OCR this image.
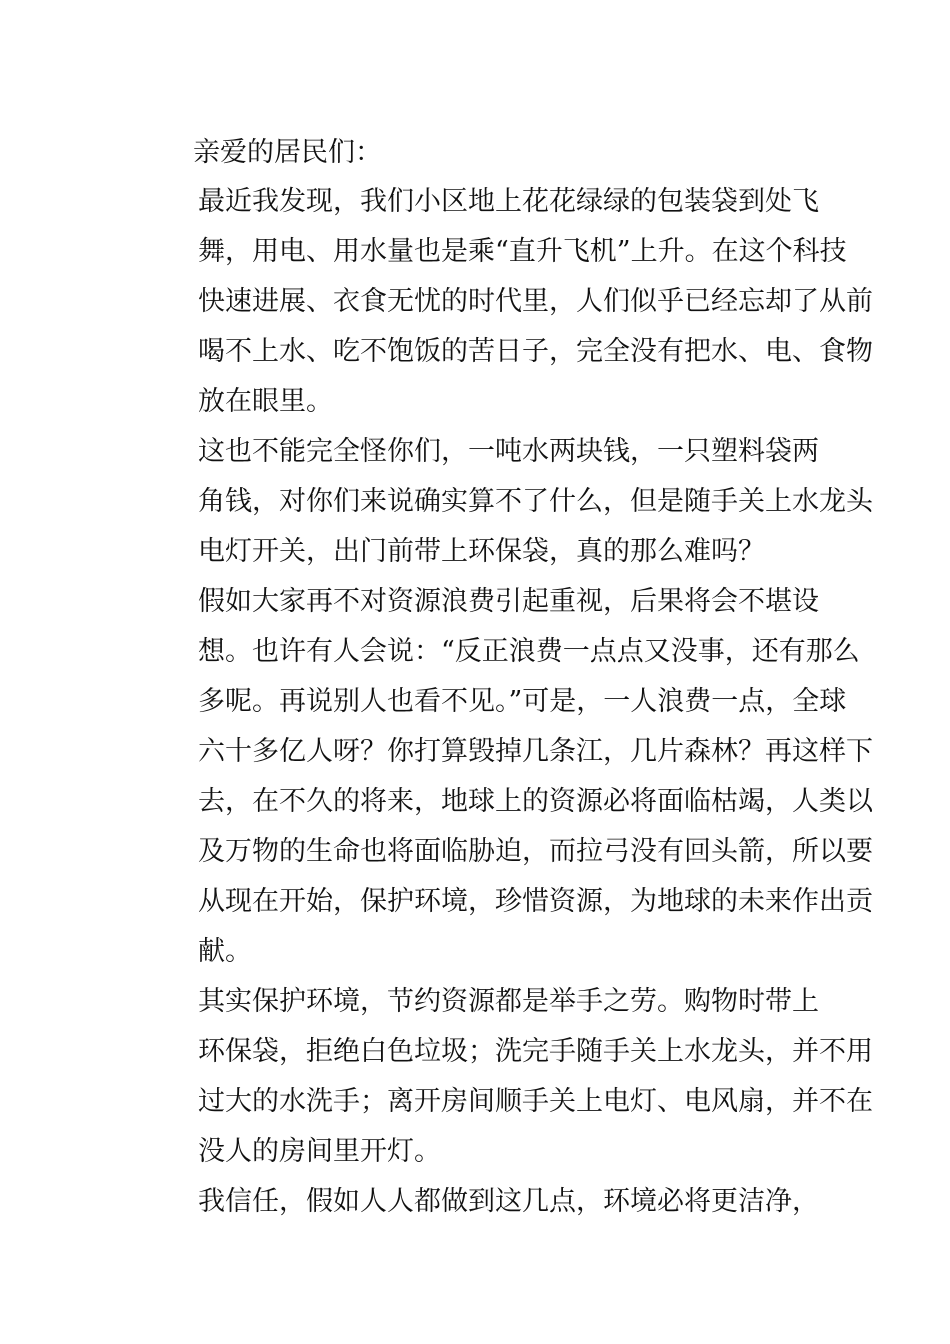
亲爱的居民们：

最近我发现，我们小区地上花花绿绿的包装袋到处飞
舞，用电、用水量也是乘“直升飞机”上升。在这个科技
快速进展、衣食无忧的时代里，人们似乎已经忘却了从前
喝不上水、吃不饱饭的苦日子，完全没有把水、电、食物
放在眼里。

这也不能完全怪你们，一吨水两块钱，一只塑料袋两
角钱，对你们来说确实算不了什么，但是随手关上水龙头
电灯开关，出门前带上环保袋，真的那么难吗？

假如大家再不对资源浪费引起重视，后果将会不堪设
想。也许有人会说：“反正浪费一点点又没事，还有那么
多呢。再说别人也看不见。”可是，一人浪费一点，全球
六十多亿人呀？你打算毁掉几条江，几片森林？再这样下
去，在不久的将来，地球上的资源必将面临枯竭，人类以
及万物的生命也将面临胁迫，而拉弓没有回头箭，所以要
从现在开始，保护环境，珍惜资源，为地球的未来作出贡
献。

其实保护环境，节约资源都是举手之劳。购物时带上
环保袋，拒绝白色垃圾；洗完手随手关上水龙头，并不用
过大的水洗手；离开房间顺手关上电灯、电风扇，并不在
没人的房间里开灯。

我信任，假如人人都做到这几点，环境必将更洁净，
